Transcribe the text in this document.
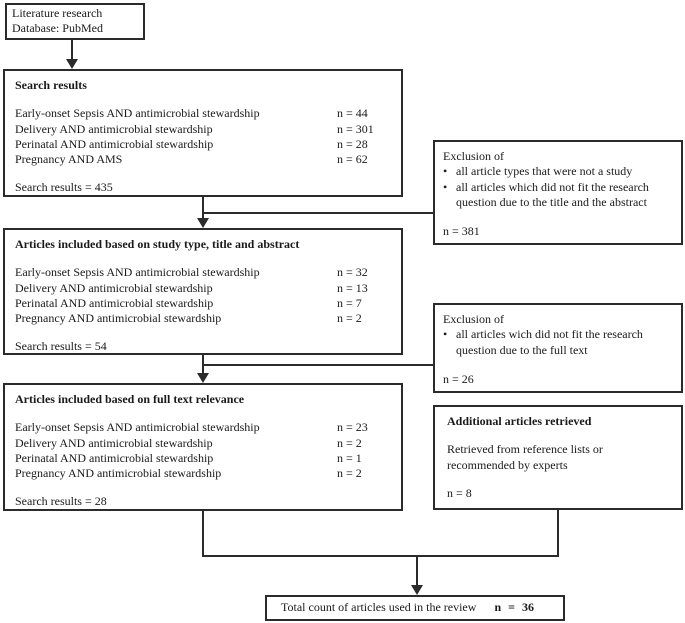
Literature research
Database: PubMed
Search results
Early-onset Sepsis AND antimicrobial stewardship	n = 44
Delivery AND antimicrobial stewardship	n = 301
Perinatal AND antimicrobial stewardship	n = 28
Pregnancy AND AMS	n = 62
Search results = 435
Exclusion of
• all article types that were not a study
• all articles which did not fit the research question due to the title and the abstract
n = 381
Articles included based on study type, title and abstract
Early-onset Sepsis AND antimicrobial stewardship	n = 32
Delivery AND antimicrobial stewardship	n = 13
Perinatal AND antimicrobial stewardship	n = 7
Pregnancy AND antimicrobial stewardship	n = 2
Search results = 54
Exclusion of
• all articles wich did not fit the research question due to the full text
n = 26
Articles included based on full text relevance
Early-onset Sepsis AND antimicrobial stewardship	n = 23
Delivery AND antimicrobial stewardship	n = 2
Perinatal AND antimicrobial stewardship	n = 1
Pregnancy AND antimicrobial stewardship	n = 2
Search results = 28
Additional articles retrieved
Retrieved from reference lists or recommended by experts
n = 8
Total count of articles used in the review n = 36
